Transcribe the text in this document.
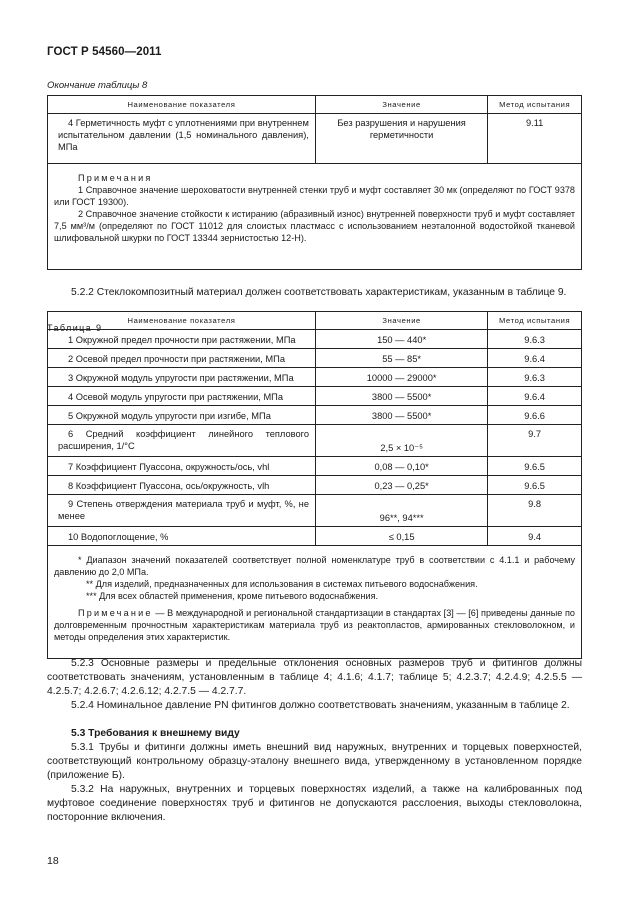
ГОСТ Р 54560—2011
Окончание таблицы 8
Наименование показателя	Значение	Метод испытания
4 Герметичность муфт с уплотнениями при внутреннем испытательном давлении (1,5 номинального давления), МПа	Без разрушения и нарушения герметичности	9.11

Примечания
1 Справочное значение шероховатости внутренней стенки труб и муфт составляет 30 мк (определяют по ГОСТ 9378 или ГОСТ 19300).
2 Справочное значение стойкости к истиранию (абразивный износ) внутренней поверхности труб и муфт составляет 7,5 мм³/м (определяют по ГОСТ 11012 для слоистых пластмасс с использованием неэталонной водостойкой тканевой шлифовальной шкурки по ГОСТ 13344 зернистостью 12-Н).		
5.2.2 Стеклокомпозитный материал должен соответствовать характеристикам, указанным в таблице 9.
Таблица 9
Наименование показателя	Значение	Метод испытания
1 Окружной предел прочности при растяжении, МПа	150 — 440*	9.6.3
2 Осевой предел прочности при растяжении, МПа	55 — 85*	9.6.4
3 Окружной модуль упругости при растяжении, МПа	10000 — 29000*	9.6.3
4 Осевой модуль упругости при растяжении, МПа	3800 — 5500*	9.6.4
5 Окружной модуль упругости при изгибе, МПа	3800 — 5500*	9.6.6
6 Средний коэффициент линейного теплового расширения, 1/°С	2,5 × 10⁻⁵	9.7
7 Коэффициент Пуассона, окружность/ось, vhl	0,08 — 0,10*	9.6.5
8 Коэффициент Пуассона, ось/окружность, vlh	0,23 — 0,25*	9.6.5
9 Степень отверждения материала труб и муфт, %, не менее	96**, 94***	9.8
10 Водопоглощение, %	≤ 0,15	9.4

* Диапазон значений показателей соответствует полной номенклатуре труб в соответствии с 4.1.1 и рабочему давлению до 2,0 МПа.
** Для изделий, предназначенных для использования в системах питьевого водоснабжения.
*** Для всех областей применения, кроме питьевого водоснабжения.
Примечание — В международной и региональной стандартизации в стандартах [3] — [6] приведены данные по долговременным прочностным характеристикам материала труб из реактопластов, армированных стекловолокном, и методы определения этих характеристик.		
5.2.3 Основные размеры и предельные отклонения основных размеров труб и фитингов должны соответствовать значениям, установленным в таблице 4; 4.1.6; 4.1.7; таблице 5; 4.2.3.7; 4.2.4.9; 4.2.5.5 — 4.2.5.7; 4.2.6.7; 4.2.6.12; 4.2.7.5 — 4.2.7.7.
5.2.4 Номинальное давление PN фитингов должно соответствовать значениям, указанным в таблице 2.
5.3 Требования к внешнему виду
5.3.1 Трубы и фитинги должны иметь внешний вид наружных, внутренних и торцевых поверхностей, соответствующий контрольному образцу-эталону внешнего вида, утвержденному в установленном порядке (приложение Б).
5.3.2 На наружных, внутренних и торцевых поверхностях изделий, а также на калиброванных под муфтовое соединение поверхностях труб и фитингов не допускаются расслоения, выходы стекловолокна, посторонние включения.
18
